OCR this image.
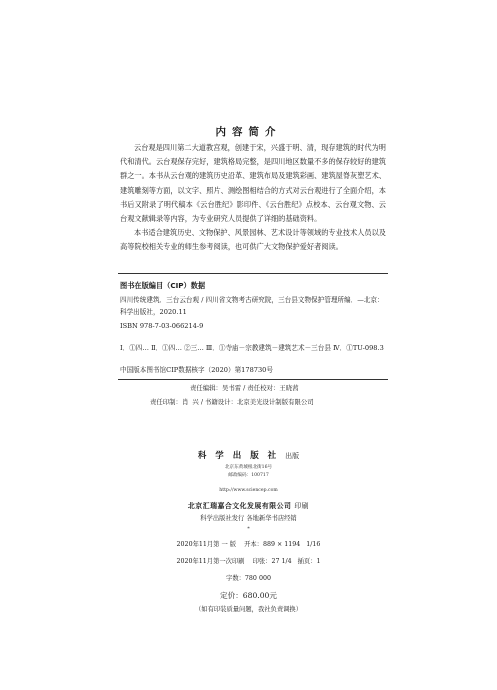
内容简介

云台观是四川第二大道教宫观，创建于宋，兴盛于明、清，现存建筑的时代为明代和清代。云台观保存完好，建筑格局完整，是四川地区数量不多的保存较好的建筑群之一。本书从云台观的建筑历史沿革、建筑布局及建筑彩画、建筑屋脊灰塑艺术、建筑雕刻等方面，以文字、照片、测绘图相结合的方式对云台观进行了全面介绍，本书后又附录了明代稿本《云台胜纪》影印件、《云台胜纪》点校本、云台观文物、云台观文献辑录等内容，为专业研究人员提供了详细的基础资料。

本书适合建筑历史、文物保护、风景园林、艺术设计等领域的专业技术人员以及高等院校相关专业的师生参考阅读，也可供广大文物保护爱好者阅读。

图书在版编目（CIP）数据
四川传统建筑．三台云台观 / 四川省文物考古研究院，三台县文物保护管理所编．—北京：科学出版社，2020.11
ISBN 978-7-03-066214-9
Ⅰ．①四… Ⅱ．①四… ②三… Ⅲ．①寺庙－宗教建筑－建筑艺术－三台县 Ⅳ．①TU-098.3
中国版本图书馆CIP数据核字（2020）第178730号
责任编辑：吴书雷 / 责任校对：王晓茜
责任印制：肖  兴 / 书籍设计：北京美光设计制版有限公司
科 学 出 版 社 出版
北京东黄城根北街16号
邮政编码：100717
http://www.sciencep.com
北京汇瑞嘉合文化发展有限公司 印刷
科学出版社发行 各地新华书店经销
*
2020年11月第 一 版    开本：889 × 1194   1/16
2020年11月第一次印刷    印张：27 1/4   插页：1
字数：780 000
定价：680.00元
（如有印装质量问题，我社负责调换）
